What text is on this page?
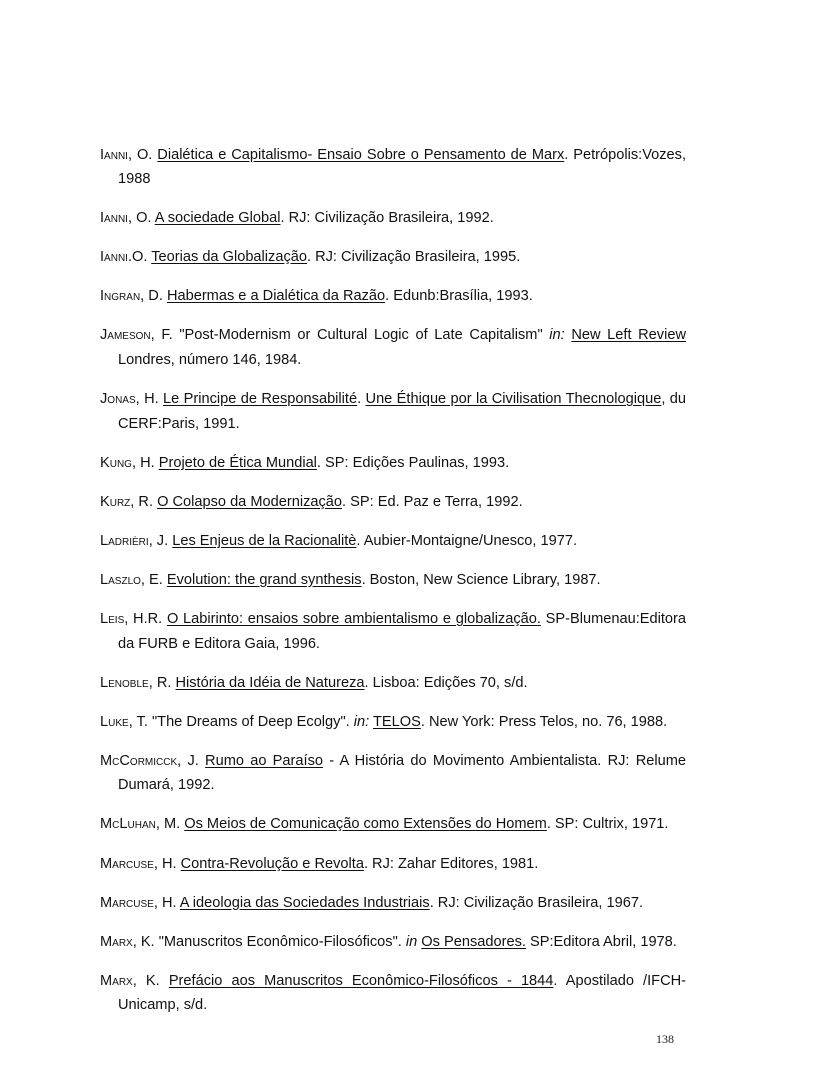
Ianni, O. Dialética e Capitalismo- Ensaio Sobre o Pensamento de Marx. Petrópolis:Vozes, 1988

Ianni, O. A sociedade Global. RJ: Civilização Brasileira, 1992.

Ianni.O. Teorias da Globalização. RJ: Civilização Brasileira, 1995.

Ingran, D. Habermas e a Dialética da Razão. Edunb:Brasília, 1993.

Jameson, F. "Post-Modernism or Cultural Logic of Late Capitalism" in: New Left Review Londres, número 146, 1984.

Jonas, H. Le Principe de Responsabilité. Une Éthique por la Civilisation Thecnologique, du CERF:Paris, 1991.

Kung, H. Projeto de Ética Mundial. SP: Edições Paulinas, 1993.

Kurz, R. O Colapso da Modernização. SP: Ed. Paz e Terra, 1992.

Ladrièri, J. Les Enjeus de la Racionalitè. Aubier-Montaigne/Unesco, 1977.

Laszlo, E. Evolution: the grand synthesis. Boston, New Science Library, 1987.

Leis, H.R. O Labirinto: ensaios sobre ambientalismo e globalização. SP-Blumenau:Editora da FURB e Editora Gaia, 1996.

Lenoble, R. História da Idéia de Natureza. Lisboa: Edições 70, s/d.

Luke, T. "The Dreams of Deep Ecolgy". in: TELOS. New York: Press Telos, no. 76, 1988.

McCormicck, J. Rumo ao Paraíso - A História do Movimento Ambientalista. RJ: Relume Dumará, 1992.

McLuhan, M. Os Meios de Comunicação como Extensões do Homem. SP: Cultrix, 1971.

Marcuse, H. Contra-Revolução e Revolta. RJ: Zahar Editores, 1981.

Marcuse, H. A ideologia das Sociedades Industriais. RJ: Civilização Brasileira, 1967.

Marx, K. "Manuscritos Econômico-Filosóficos". in Os Pensadores. SP:Editora Abril, 1978.

Marx, K. Prefácio aos Manuscritos Econômico-Filosóficos - 1844. Apostilado /IFCH-Unicamp, s/d.

138
